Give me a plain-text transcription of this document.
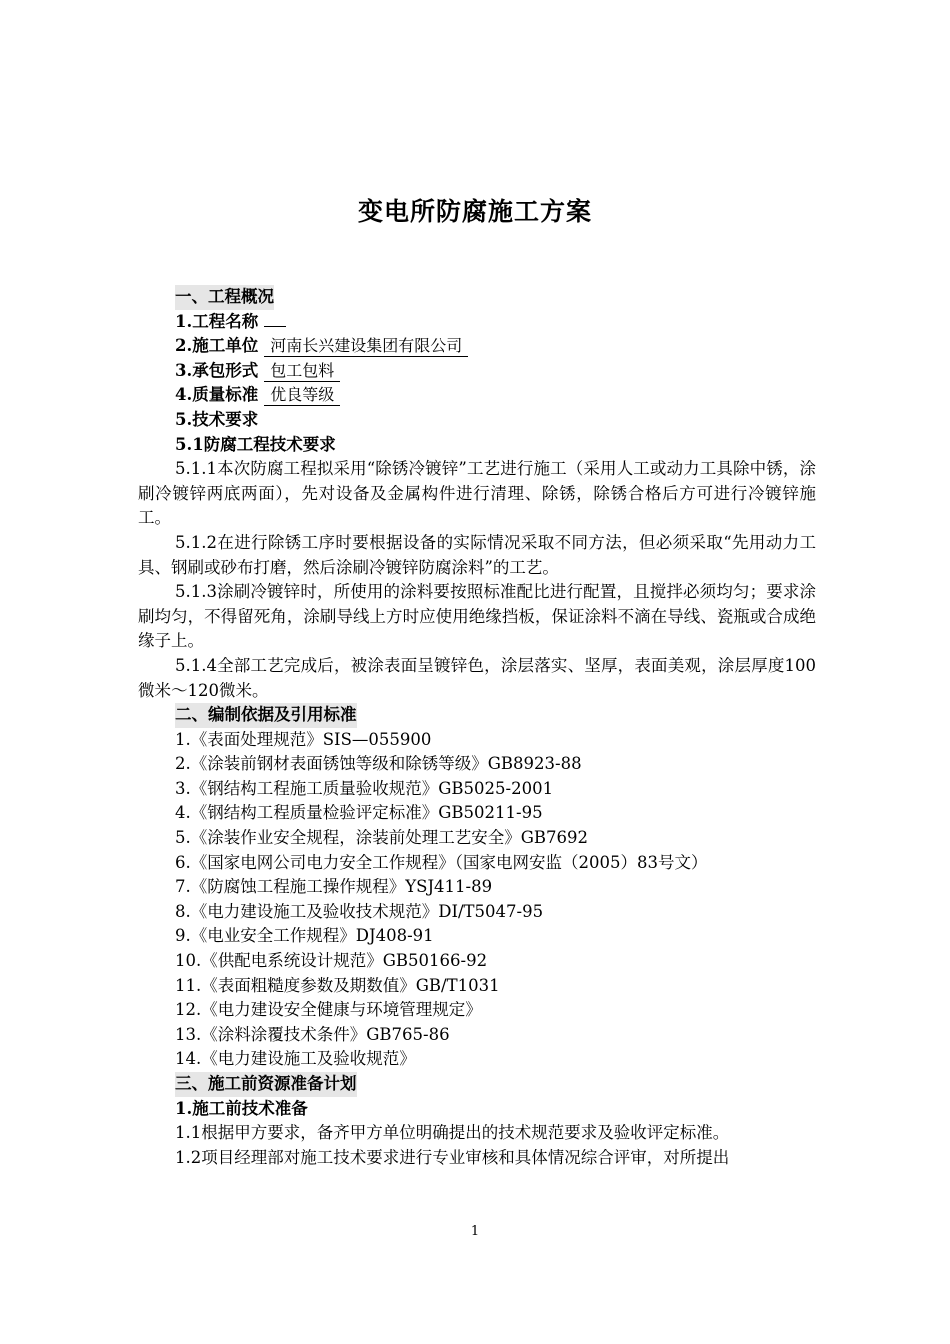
变电所防腐施工方案
一、工程概况
1.工程名称
2.施工单位 河南长兴建设集团有限公司
3.承包形式 包工包料
4.质量标准 优良等级
5.技术要求
5.1防腐工程技术要求
5.1.1本次防腐工程拟采用“除锈冷镀锌”工艺进行施工（采用人工或动力工具除中锈，涂刷冷镀锌两底两面），先对设备及金属构件进行清理、除锈，除锈合格后方可进行冷镀锌施工。
5.1.2在进行除锈工序时要根据设备的实际情况采取不同方法，但必须采取“先用动力工具、钢刷或砂布打磨，然后涂刷冷镀锌防腐涂料”的工艺。
5.1.3涂刷冷镀锌时，所使用的涂料要按照标准配比进行配置，且搅拌必须均匀；要求涂刷均匀，不得留死角，涂刷导线上方时应使用绝缘挡板，保证涂料不滴在导线、瓷瓶或合成绝缘子上。
5.1.4全部工艺完成后，被涂表面呈镀锌色，涂层落实、坚厚，表面美观，涂层厚度100微米～120微米。
二、编制依据及引用标准
1.《表面处理规范》SIS—055900
2.《涂装前钢材表面锈蚀等级和除锈等级》GB8923-88
3.《钢结构工程施工质量验收规范》GB5025-2001
4.《钢结构工程质量检验评定标准》GB50211-95
5.《涂装作业安全规程，涂装前处理工艺安全》GB7692
6.《国家电网公司电力安全工作规程》（国家电网安监（2005）83号文）
7.《防腐蚀工程施工操作规程》YSJ411-89
8.《电力建设施工及验收技术规范》DI/T5047-95
9.《电业安全工作规程》DJ408-91
10.《供配电系统设计规范》GB50166-92
11.《表面粗糙度参数及期数值》GB/T1031
12.《电力建设安全健康与环境管理规定》
13.《涂料涂覆技术条件》GB765-86
14.《电力建设施工及验收规范》
三、施工前资源准备计划
1.施工前技术准备
1.1根据甲方要求，备齐甲方单位明确提出的技术规范要求及验收评定标准。
1.2项目经理部对施工技术要求进行专业审核和具体情况综合评审，对所提出
1
